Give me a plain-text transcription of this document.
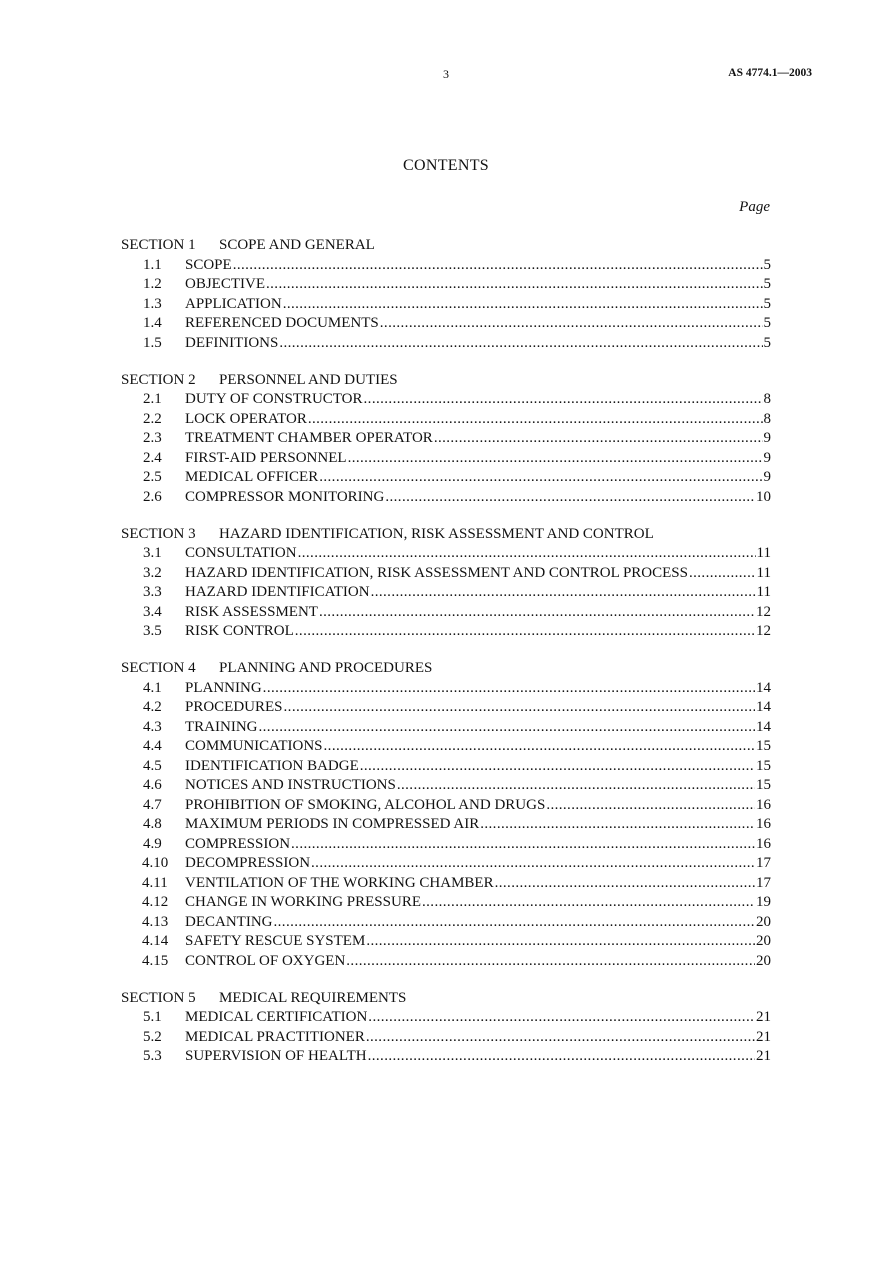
3	AS 4774.1—2003
CONTENTS
Page
SECTION 1 SCOPE AND GENERAL
1.1	SCOPE .....	5
1.2	OBJECTIVE .....	5
1.3	APPLICATION .....	5
1.4	REFERENCED DOCUMENTS .....	5
1.5	DEFINITIONS .....	5
SECTION 2 PERSONNEL AND DUTIES
2.1	DUTY OF CONSTRUCTOR .....	8
2.2	LOCK OPERATOR .....	8
2.3	TREATMENT CHAMBER OPERATOR .....	9
2.4	FIRST-AID PERSONNEL .....	9
2.5	MEDICAL OFFICER .....	9
2.6	COMPRESSOR MONITORING .....	10
SECTION 3 HAZARD IDENTIFICATION, RISK ASSESSMENT AND CONTROL
3.1	CONSULTATION .....	11
3.2	HAZARD IDENTIFICATION, RISK ASSESSMENT AND CONTROL PROCESS .....	11
3.3	HAZARD IDENTIFICATION .....	11
3.4	RISK ASSESSMENT .....	12
3.5	RISK CONTROL .....	12
SECTION 4 PLANNING AND PROCEDURES
4.1	PLANNING .....	14
4.2	PROCEDURES .....	14
4.3	TRAINING .....	14
4.4	COMMUNICATIONS .....	15
4.5	IDENTIFICATION BADGE .....	15
4.6	NOTICES AND INSTRUCTIONS .....	15
4.7	PROHIBITION OF SMOKING, ALCOHOL AND DRUGS .....	16
4.8	MAXIMUM PERIODS IN COMPRESSED AIR .....	16
4.9	COMPRESSION .....	16
4.10	DECOMPRESSION .....	17
4.11	VENTILATION OF THE WORKING CHAMBER .....	17
4.12	CHANGE IN WORKING PRESSURE .....	19
4.13	DECANTING .....	20
4.14	SAFETY RESCUE SYSTEM .....	20
4.15	CONTROL OF OXYGEN .....	20
SECTION 5 MEDICAL REQUIREMENTS
5.1	MEDICAL CERTIFICATION .....	21
5.2	MEDICAL PRACTITIONER .....	21
5.3	SUPERVISION OF HEALTH .....	21
